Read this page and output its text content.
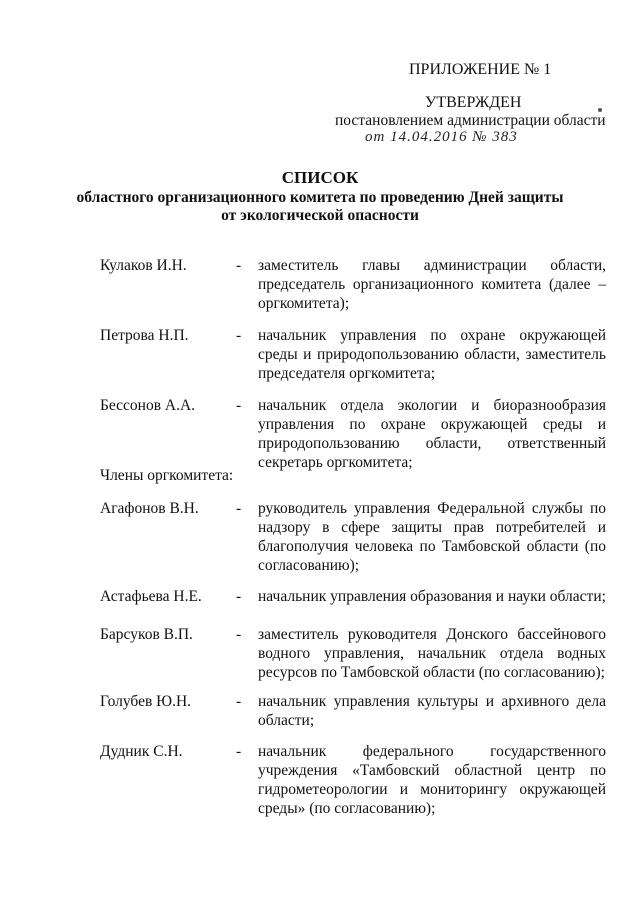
ПРИЛОЖЕНИЕ № 1
УТВЕРЖДЕН
постановлением администрации области
от 14.04.2016 № 383
СПИСОК
областного организационного комитета по проведению Дней защиты
от экологической опасности
Кулаков И.Н.	- заместитель главы администрации области, председатель организационного комитета (далее – оргкомитета);
Петрова Н.П.	- начальник управления по охране окружающей среды и природопользованию области, заместитель председателя оргкомитета;
Бессонов А.А.	- начальник отдела экологии и биоразнообразия управления по охране окружающей среды и природопользованию области, ответственный секретарь оргкомитета;
Члены оргкомитета:
Агафонов В.Н. - руководитель управления Федеральной службы по надзору в сфере защиты прав потребителей и благополучия человека по Тамбовской области (по согласованию);
Астафьева Н.Е. - начальник управления образования и науки области;
Барсуков В.П.	- заместитель руководителя Донского бассейнового водного управления, начальник отдела водных ресурсов по Тамбовской области (по согласованию);
Голубев Ю.Н.	- начальник управления культуры и архивного дела области;
Дудник С.Н.	- начальник федерального государственного учреждения «Тамбовский областной центр по гидрометеорологии и мониторингу окружающей среды» (по согласованию);
